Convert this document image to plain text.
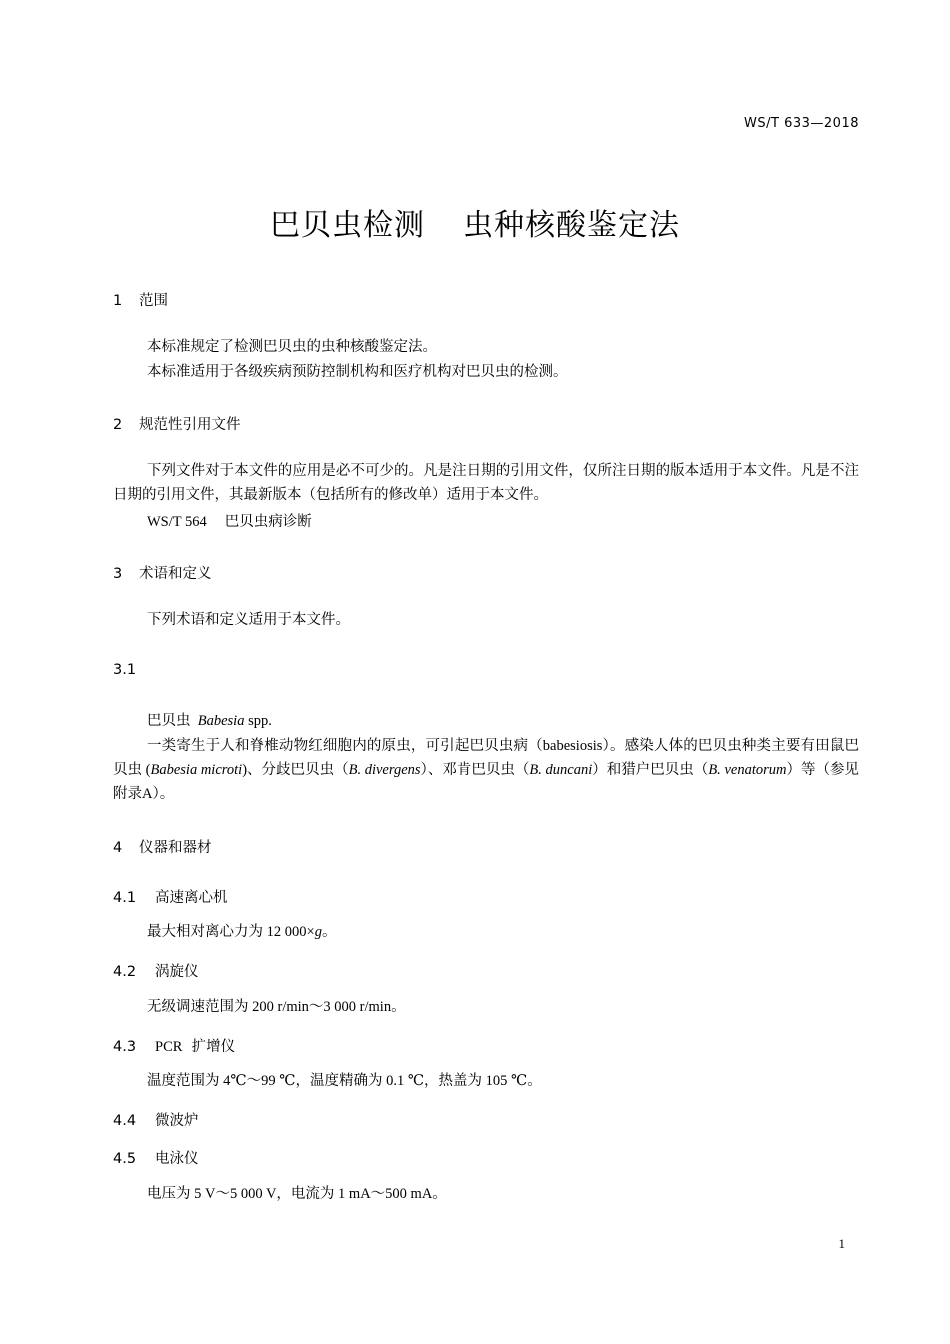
WS/T 633—2018
巴贝虫检测 虫种核酸鉴定法
1 范围
本标准规定了检测巴贝虫的虫种核酸鉴定法。
本标准适用于各级疾病预防控制机构和医疗机构对巴贝虫的检测。
2 规范性引用文件
下列文件对于本文件的应用是必不可少的。凡是注日期的引用文件，仅所注日期的版本适用于本文件。凡是不注日期的引用文件，其最新版本（包括所有的修改单）适用于本文件。
WS/T 564 巴贝虫病诊断
3 术语和定义
下列术语和定义适用于本文件。
3.1
巴贝虫 Babesia spp.
一类寄生于人和脊椎动物红细胞内的原虫，可引起巴贝虫病（babesiosis）。感染人体的巴贝虫种类主要有田鼠巴贝虫 (Babesia microti)、分歧巴贝虫（B. divergens）、邓肯巴贝虫（B. duncani）和猎户巴贝虫（B. venatorum）等（参见附录A）。
4 仪器和器材
4.1 高速离心机
最大相对离心力为 12 000×g。
4.2 涡旋仪
无级调速范围为 200 r/min～3 000 r/min。
4.3 PCR 扩增仪
温度范围为 4℃～99 ℃，温度精确为 0.1 ℃，热盖为 105 ℃。
4.4 微波炉
4.5 电泳仪
电压为 5 V～5 000 V，电流为 1 mA～500 mA。
1
